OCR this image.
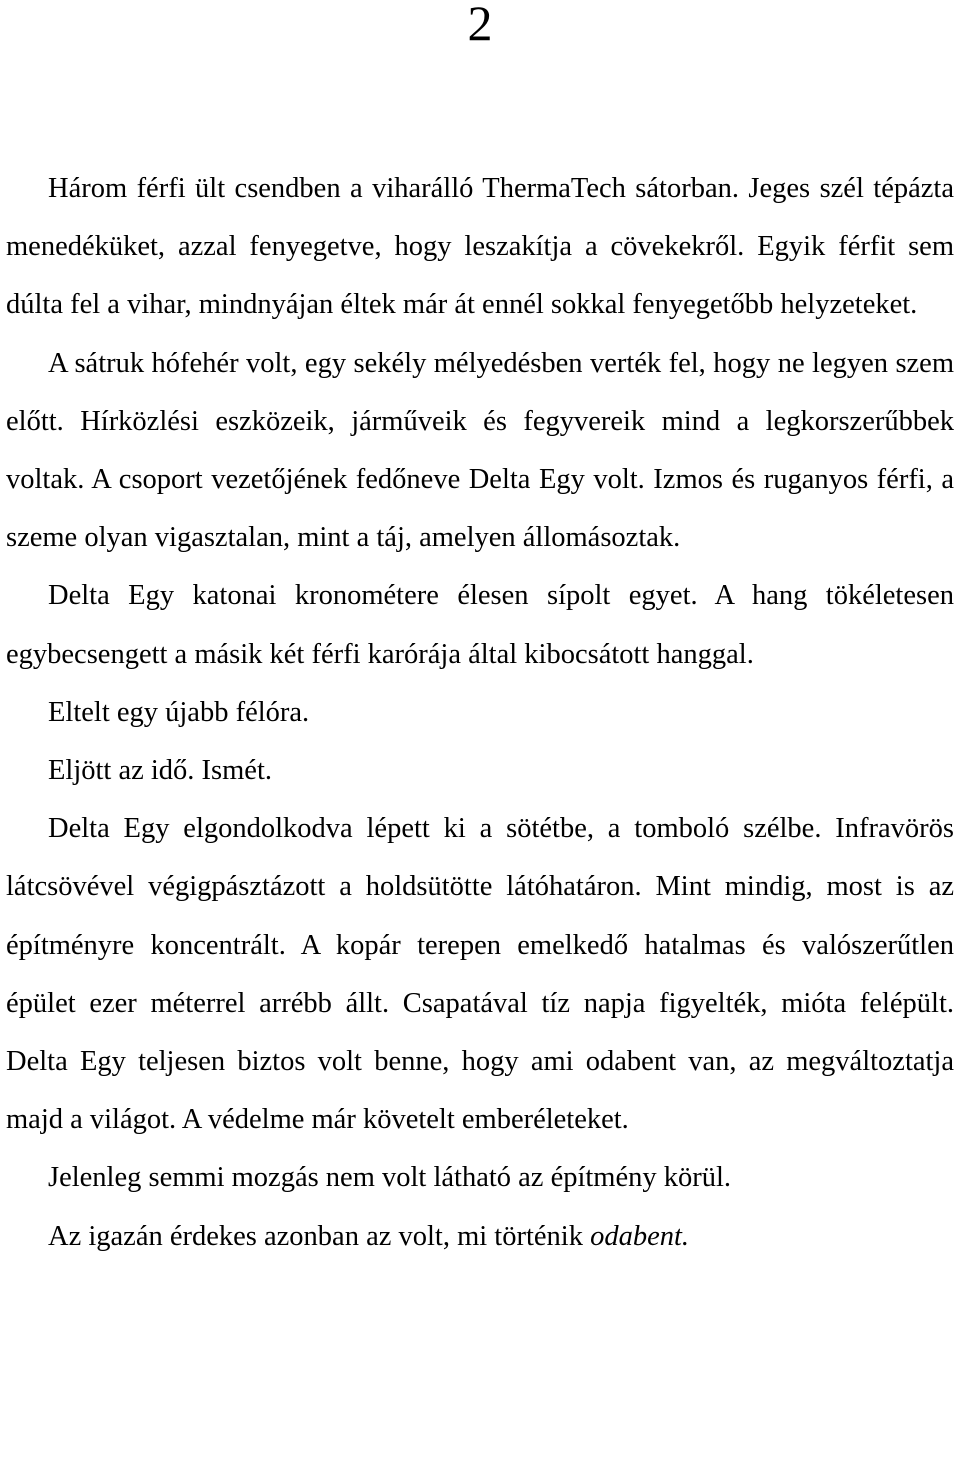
2

Három férfi ült csendben a viharálló ThermaTech sátorban. Jeges szél tépázta menedéküket, azzal fenyegetve, hogy leszakítja a cövekekről. Egyik férfit sem dúlta fel a vihar, mindnyájan éltek már át ennél sokkal fenyegetőbb helyzeteket.

A sátruk hófehér volt, egy sekély mélyedésben verték fel, hogy ne legyen szem előtt. Hírközlési eszközeik, járműveik és fegyvereik mind a legkorszerűbbek voltak. A csoport vezetőjének fedőneve Delta Egy volt. Izmos és ruganyos férfi, a szeme olyan vigasztalan, mint a táj, amelyen állomásoztak.

Delta Egy katonai kronométere élesen sípolt egyet. A hang tökéletesen egybecsengett a másik két férfi karórája által kibocsátott hanggal.

Eltelt egy újabb félóra.

Eljött az idő. Ismét.

Delta Egy elgondolkodva lépett ki a sötétbe, a tomboló szélbe. Infravörös látcsövével végigpásztázott a holdsütötte látóhatáron. Mint mindig, most is az építményre koncentrált. A kopár terepen emelkedő hatalmas és valószerűtlen épület ezer méterrel arrébb állt. Csapatával tíz napja figyelték, mióta felépült. Delta Egy teljesen biztos volt benne, hogy ami odabent van, az megváltoztatja majd a világot. A védelme már követelt emberéleteket.

Jelenleg semmi mozgás nem volt látható az építmény körül.

Az igazán érdekes azonban az volt, mi történik odabent.
